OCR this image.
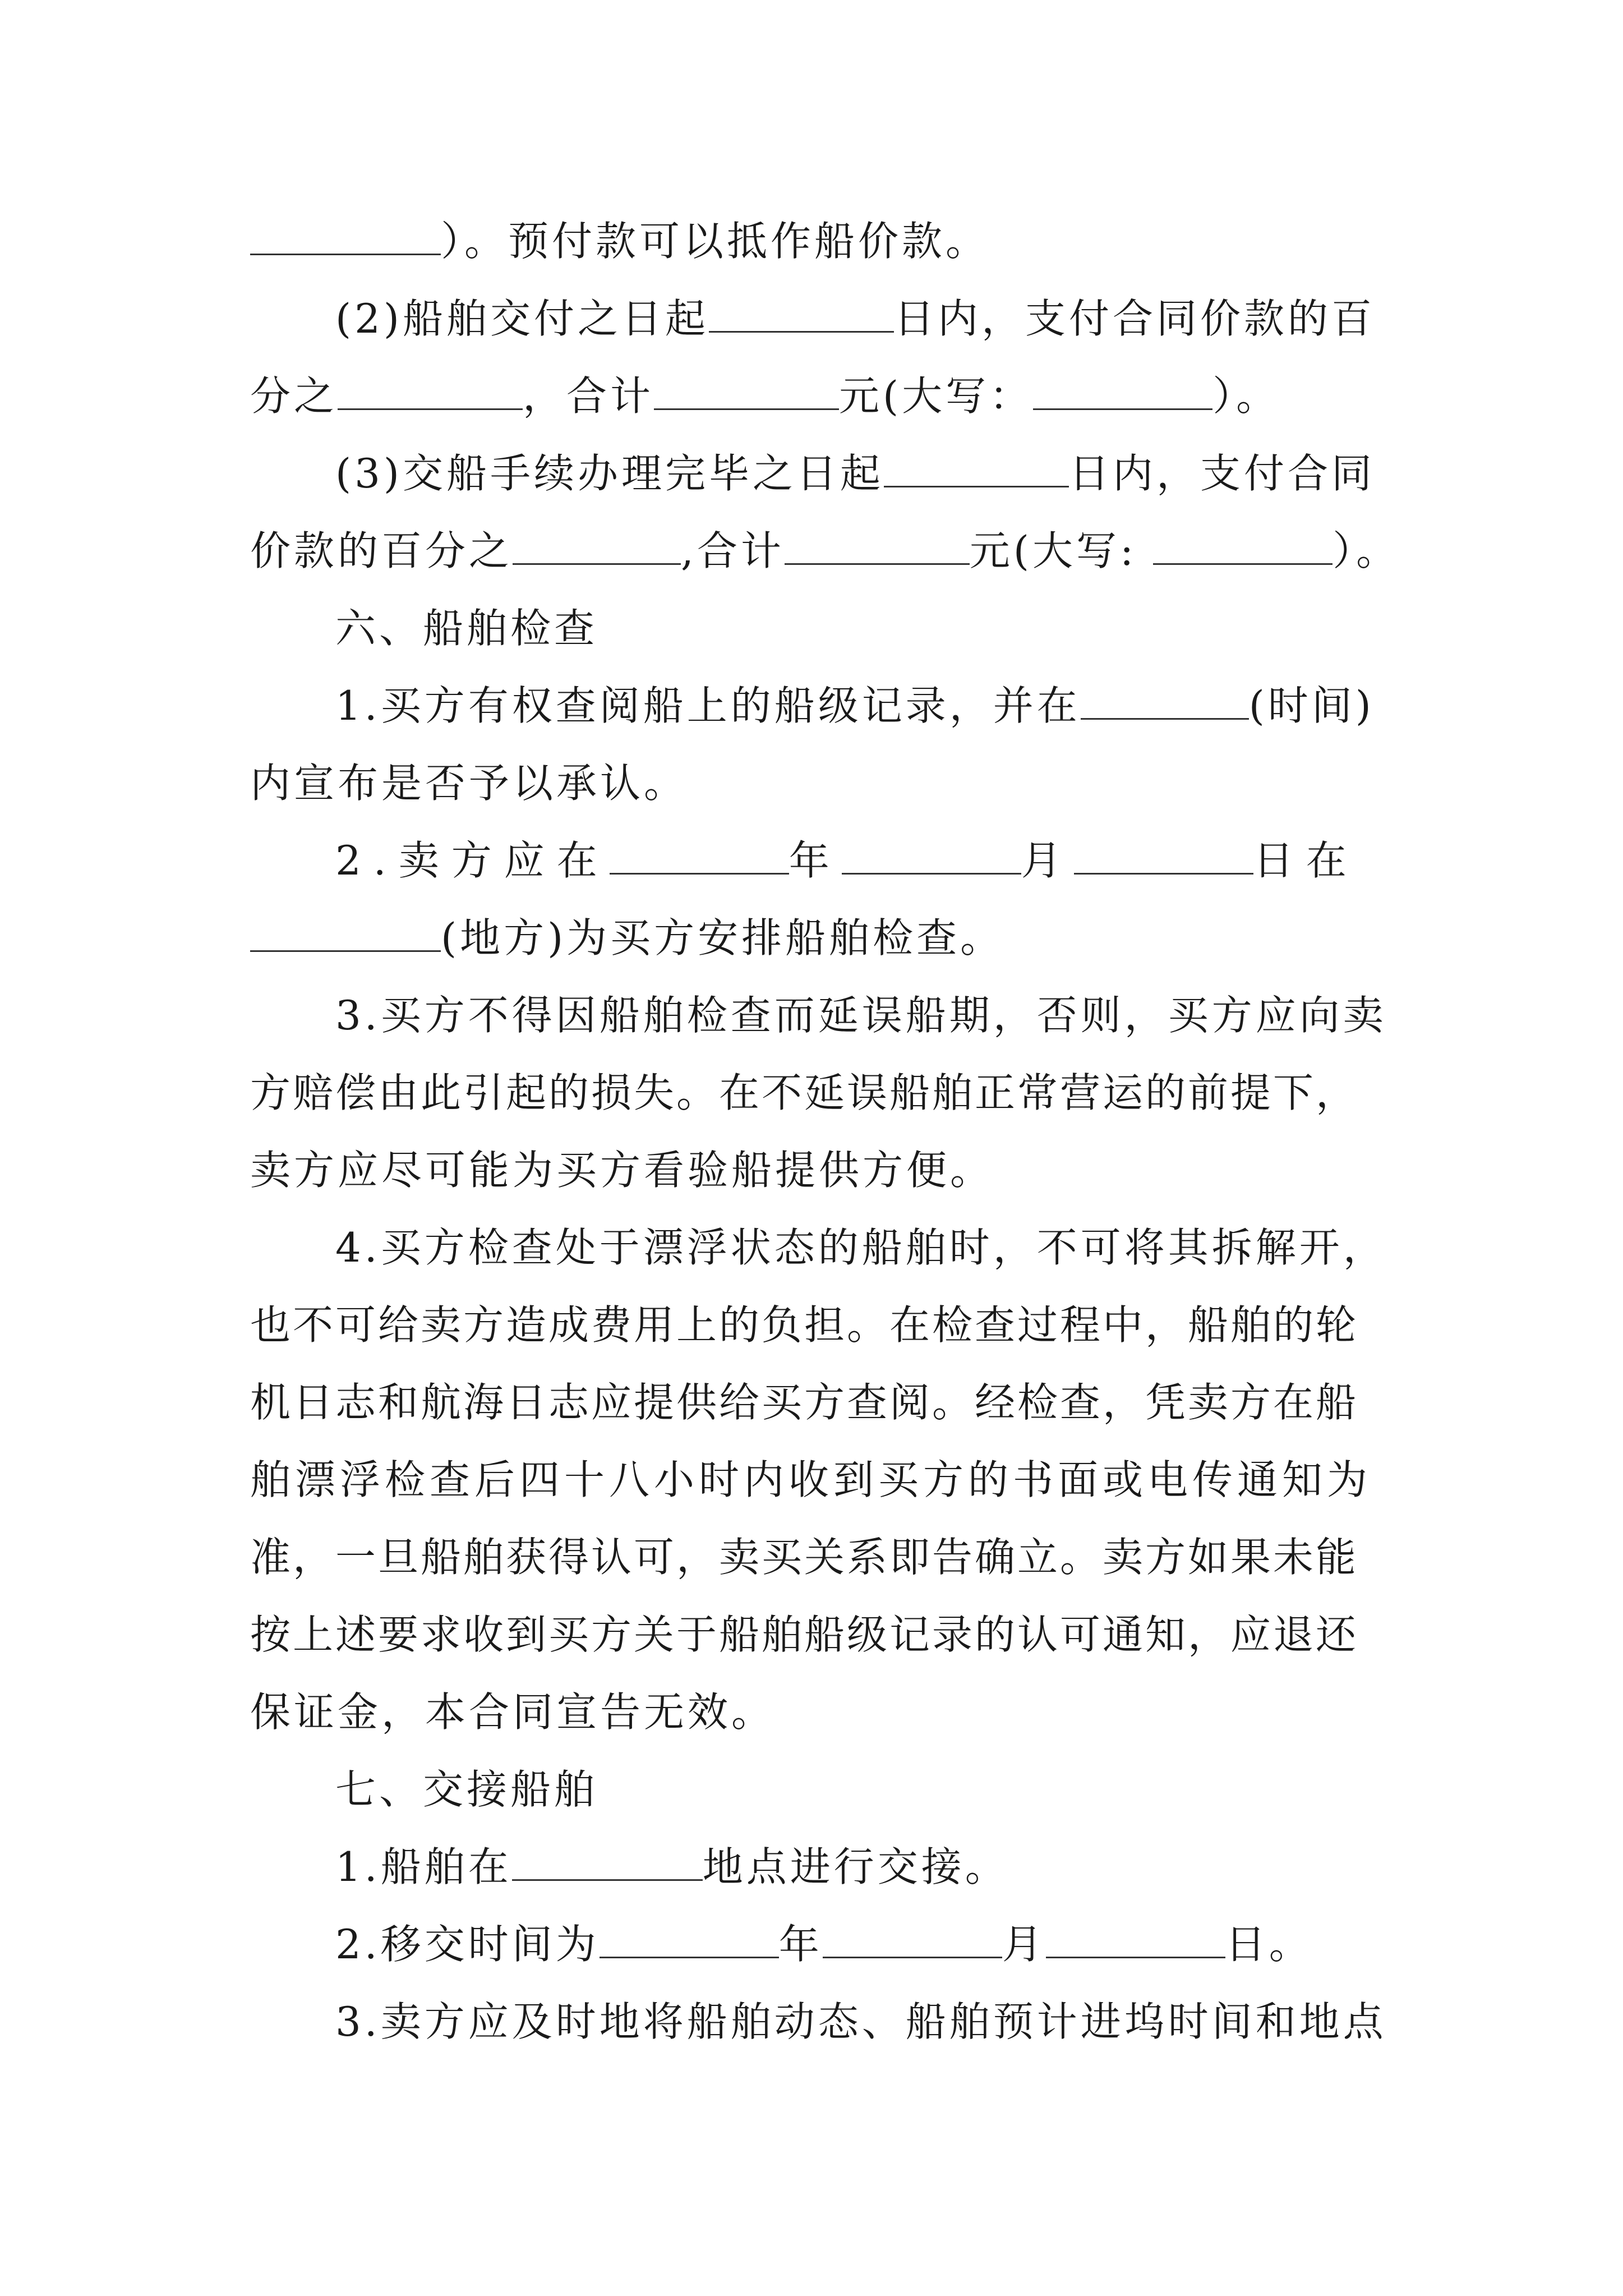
）。预付款可以抵作船价款。
(2)船舶交付之日起	日内，支付合同价款的百
分之	，合计	元(大写：	）。
(3)交船手续办理完毕之日起	日内，支付合同
价款的百分之	,合计	元(大写:	）。
六、船舶检查
1.买方有权查阅船上的船级记录，并在	(时间)
内宣布是否予以承认。
2.卖方应在	年	月	日在
(地方)为买方安排船舶检查。
3.买方不得因船舶检查而延误船期，否则，买方应向卖
方赔偿由此引起的损失。在不延误船舶正常营运的前提下，
卖方应尽可能为买方看验船提供方便。
4.买方检查处于漂浮状态的船舶时，不可将其拆解开，
也不可给卖方造成费用上的负担。在检查过程中，船舶的轮
机日志和航海日志应提供给买方查阅。经检查，凭卖方在船
舶漂浮检查后四十八小时内收到买方的书面或电传通知为
准，一旦船舶获得认可，卖买关系即告确立。卖方如果未能
按上述要求收到买方关于船舶船级记录的认可通知，应退还
保证金，本合同宣告无效。
七、交接船舶
1.船舶在	地点进行交接。
2.移交时间为	年	月	日。
3.卖方应及时地将船舶动态、船舶预计进坞时间和地点
